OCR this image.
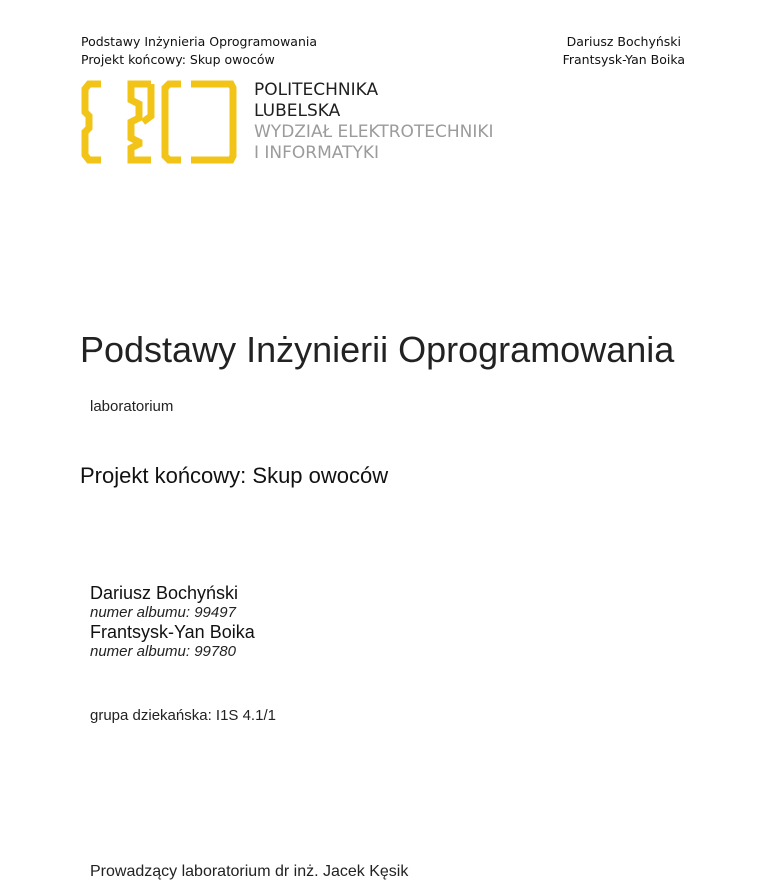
Podstawy Inżynieria Oprogramowania
Projekt końcowy: Skup owoców
Dariusz Bochyński
Frantsysk-Yan Boika
POLITECHNIKA
LUBELSKA
WYDZIAŁ ELEKTROTECHNIKI
I INFORMATYKI
Podstawy Inżynierii Oprogramowania
laboratorium
Projekt końcowy: Skup owoców
Dariusz Bochyński
numer albumu: 99497
Frantsysk-Yan Boika
numer albumu: 99780
grupa dziekańska: I1S 4.1/1
Prowadzący laboratorium dr inż. Jacek Kęsik
